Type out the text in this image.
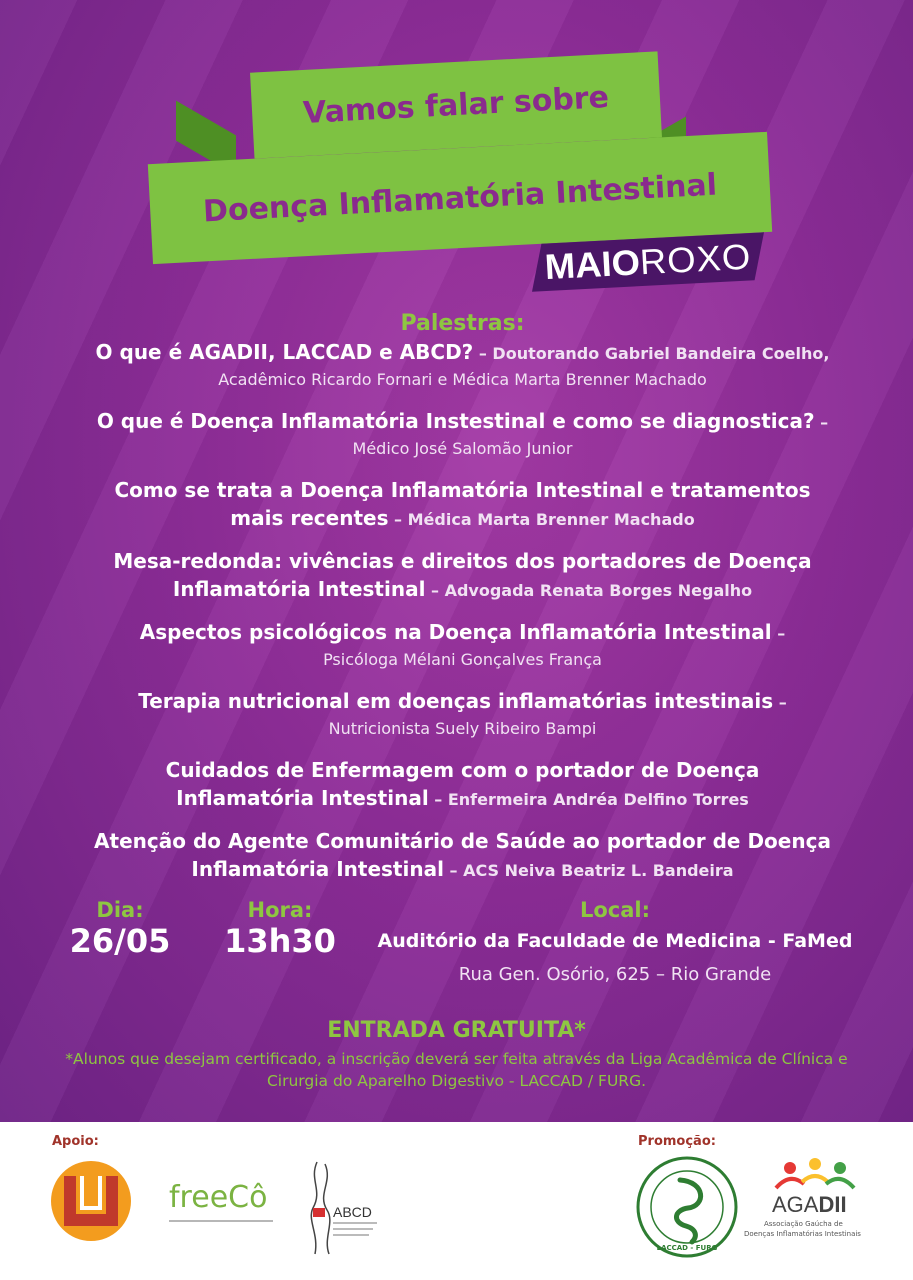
Vamos falar sobre
Doença Inflamatória Intestinal
MAIOROXO
Palestras:
O que é AGADII, LACCAD e ABCD? – Doutorando Gabriel Bandeira Coelho,
Acadêmico Ricardo Fornari e Médica Marta Brenner Machado
O que é Doença Inflamatória Instestinal e como se diagnostica? –
Médico José Salomão Junior
Como se trata a Doença Inflamatória Intestinal e tratamentos
mais recentes – Médica Marta Brenner Machado
Mesa-redonda: vivências e direitos dos portadores de Doença
Inflamatória Intestinal – Advogada Renata Borges Negalho
Aspectos psicológicos na Doença Inflamatória Intestinal –
Psicóloga Mélani Gonçalves França
Terapia nutricional em doenças inflamatórias intestinais –
Nutricionista Suely Ribeiro Bampi
Cuidados de Enfermagem com o portador de Doença
Inflamatória Intestinal – Enfermeira Andréa Delfino Torres
Atenção do Agente Comunitário de Saúde ao portador de Doença
Inflamatória Intestinal – ACS Neiva Beatriz L. Bandeira
Dia:
26/05
Hora:
13h30
Local:
Auditório da Faculdade de Medicina - FaMed
Rua Gen. Osório, 625 – Rio Grande
ENTRADA GRATUITA*
*Alunos que desejam certificado, a inscrição deverá ser feita através da Liga Acadêmica de Clínica e Cirurgia do Aparelho Digestivo - LACCAD / FURG.
Apoio:	Promoção:
freeCô	ABCD
LACCAD - FURG
AGADII
Associação Gaúcha de
Doenças Inflamatórias Intestinais
